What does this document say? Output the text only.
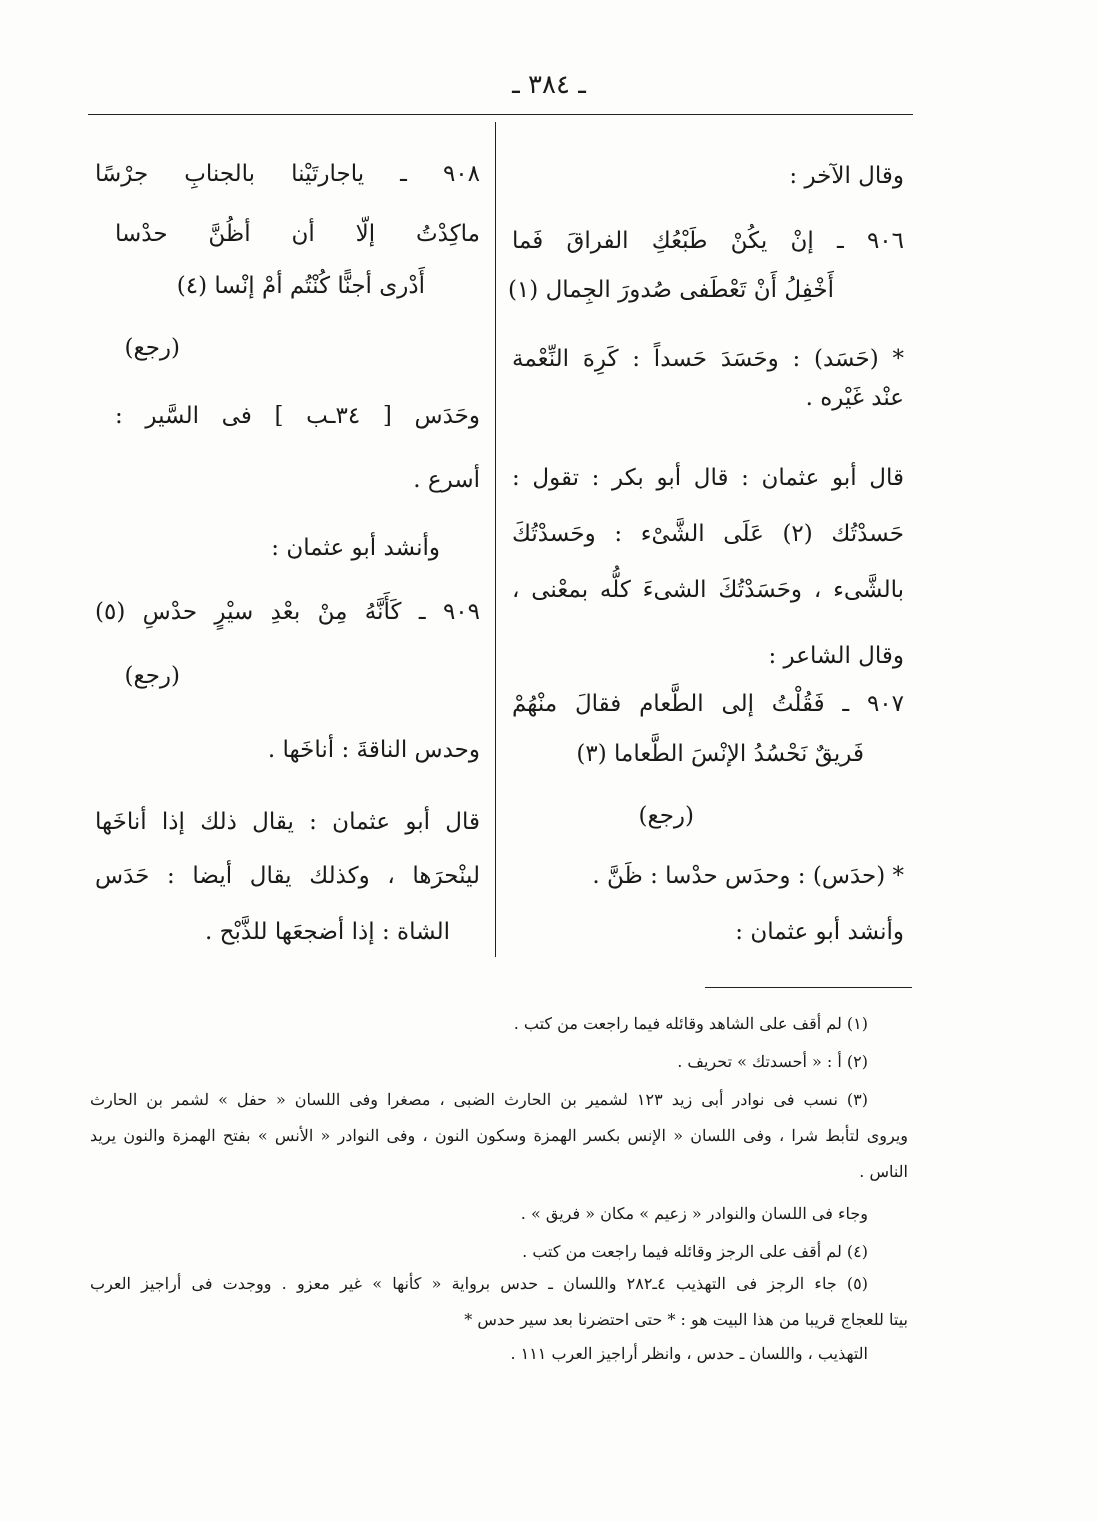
ـ ٣٨٤ ـ
وقال الآخر :
٩٠٦ ـ إنْ يكُنْ طَبْعُكِ الفراقَ فَما
أَخْفِلُ أَنْ تَعْطَفى صُدورَ الجِمال (١)
* (حَسَد) : وحَسَدَ حَسداً : كَرِهَ النِّعْمة
عنْد غَيْره .
قال أبو عثمان : قال أبو بكر : تقول :
حَسدْتُك (٢) عَلَى الشَّىْء : وحَسدْتُكَ
بالشَّىء ، وحَسَدْتُكَ الشىءَ كلُّه بمعْنى ،
وقال الشاعر :
٩٠٧ ـ فَقُلْتُ إلى الطَّعام فقالَ منْهُمْ
فَريقٌ نَحْسُدُ الإنْسَ الطَّعاما (٣)
(رجع)
* (حدَس) : وحدَس حدْسا : ظَنَّ .
وأنشد أبو عثمان :
٩٠٨ ـ ياجارتَيْنا بالجنابِ جرْسًا
ماكِدْتُ إلّا أن أظُنَّ حدْسا
أَدْرى أجنًّا كُنْتُم أمْ إنْسا (٤)
(رجع)
وحَدَس [ ٣٤ـب ] فى السَّير :
أسرع .
وأنشد أبو عثمان :
٩٠٩ ـ كَأَنَّهُ مِنْ بعْدِ سيْرٍ حدْسِ (٥)
(رجع)
وحدس الناقةَ : أناخَها .
قال أبو عثمان : يقال ذلك إذا أناخَها
لينْحرَها ، وكذلك يقال أيضا : حَدَس
الشاة : إذا أضجعَها للذَّبْح .
(١) لم أقف على الشاهد وقائله فيما راجعت من كتب .
(٢) أ : « أحسدتك » تحريف .
(٣) نسب فى نوادر أبى زيد ١٢٣ لشمير بن الحارث الضبى ، مصغرا وفى اللسان « حفل » لشمر بن الحارث
ويروى لتأبط شرا ، وفى اللسان « الإنس بكسر الهمزة وسكون النون ، وفى النوادر « الأنس » بفتح الهمزة والنون يريد
الناس .
وجاء فى اللسان والنوادر « زعيم » مكان « فريق » .
(٤) لم أقف على الرجز وقائله فيما راجعت من كتب .
(٥) جاء الرجز فى التهذيب ٤ـ٢٨٢ واللسان ـ حدس برواية « كأنها » غير معزو . ووجدت فى أراجيز العرب
بيتا للعجاج قريبا من هذا البيت هو : * حتى احتضرنا بعد سير حدس *
التهذيب ، واللسان ـ حدس ، وانظر أراجيز العرب ١١١ .
